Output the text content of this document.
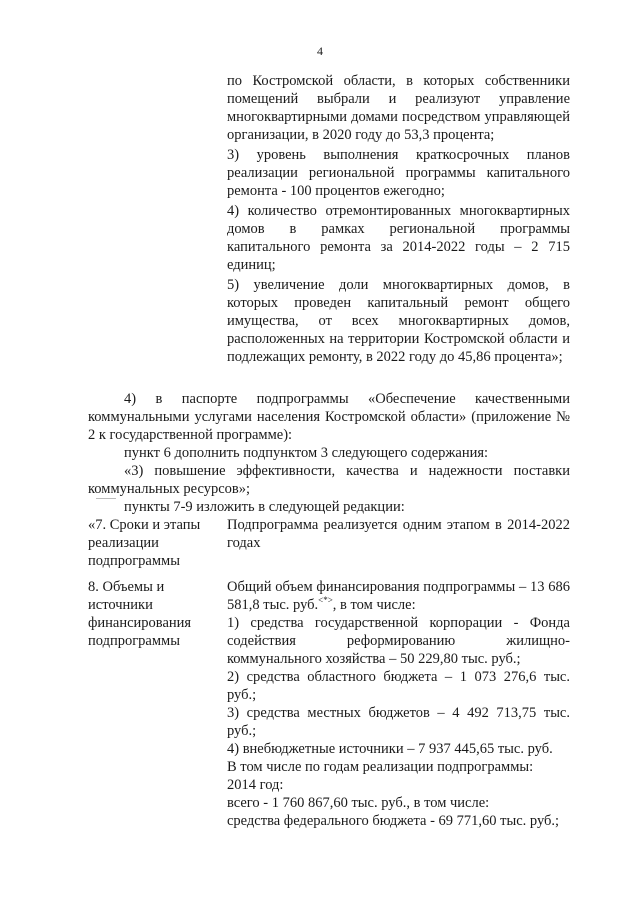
4

по Костромской области, в которых собственники помещений выбрали и реализуют управление многоквартирными домами посредством управляющей организации, в 2020 году до 53,3 процента;

3) уровень выполнения краткосрочных планов реализации региональной программы капитального ремонта - 100 процентов ежегодно;

4) количество отремонтированных многоквартирных домов в рамках региональной программы капитального ремонта за 2014-2022 годы – 2 715 единиц;

5) увеличение доли многоквартирных домов, в которых проведен капитальный ремонт общего имущества, от всех многоквартирных домов, расположенных на территории Костромской области и подлежащих ремонту, в 2022 году до 45,86 процента»;

4) в паспорте подпрограммы «Обеспечение качественными коммунальными услугами населения Костромской области» (приложение № 2 к государственной программе):

пункт 6 дополнить подпунктом 3 следующего содержания:

«3) повышение эффективности, качества и надежности поставки коммунальных ресурсов»;

пункты 7-9 изложить в следующей редакции:

«7. Сроки и этапы реализации подпрограммы

Подпрограмма реализуется одним этапом в 2014-2022 годах

8. Объемы и источники финансирования подпрограммы

Общий объем финансирования подпрограммы – 13 686 581,8 тыс. руб.<*>, в том числе:

1) средства государственной корпорации - Фонда содействия реформированию жилищно-коммунального хозяйства – 50 229,80 тыс. руб.;

2) средства областного бюджета – 1 073 276,6 тыс. руб.;

3) средства местных бюджетов – 4 492 713,75 тыс. руб.;

4) внебюджетные источники – 7 937 445,65 тыс. руб.

В том числе по годам реализации подпрограммы:

2014 год:

всего - 1 760 867,60 тыс. руб., в том числе:

средства федерального бюджета - 69 771,60 тыс. руб.;
